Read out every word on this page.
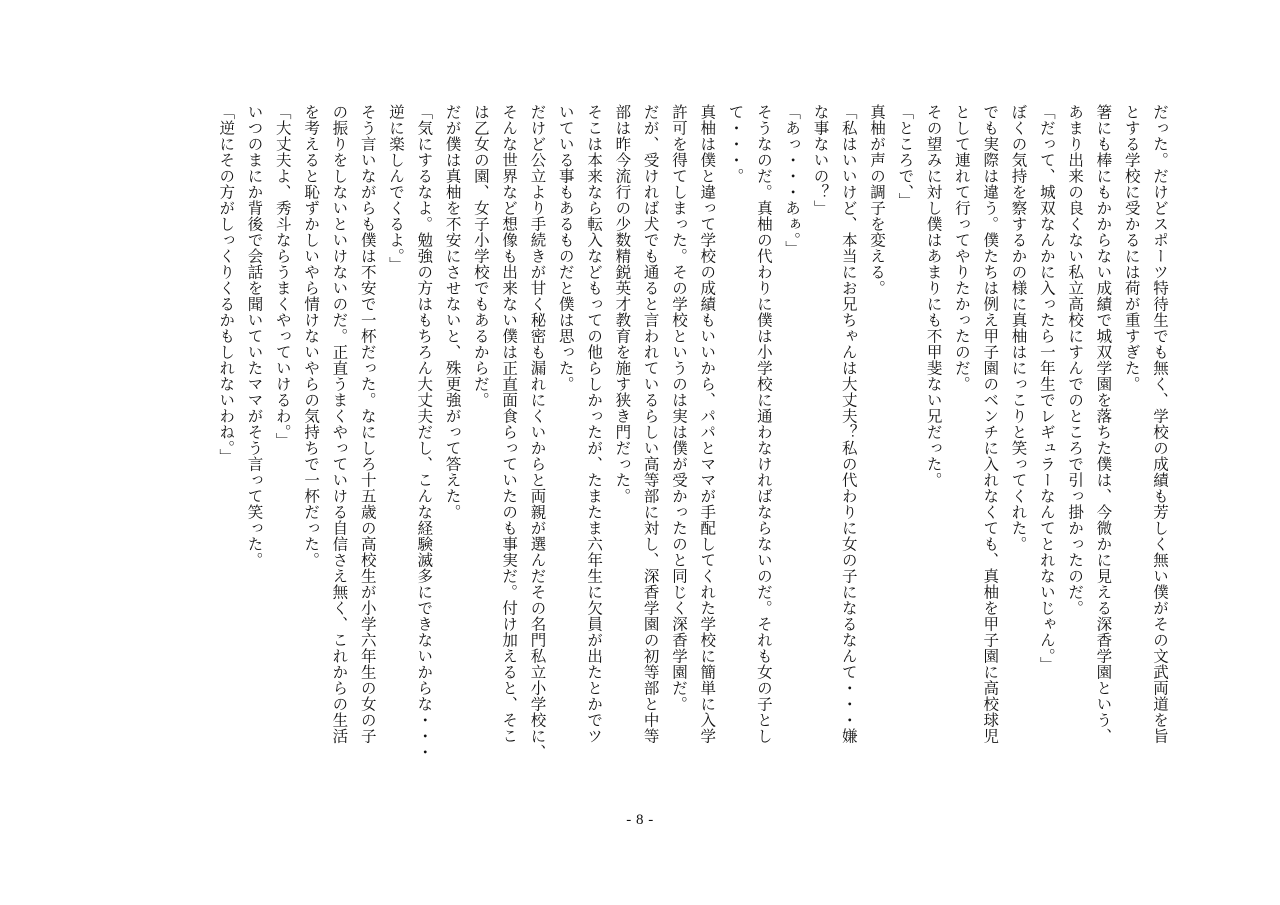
だった。だけどスポーツ特待生でも無く、学校の成績も芳しく無い僕がその文武両道を旨

とする学校に受かるには荷が重すぎた。

箸にも棒にもかからない成績で城双学園を落ちた僕は、今微かに見える深香学園という、

あまり出来の良くない私立高校にすんでのところで引っ掛かったのだ。

「だって、城双なんかに入ったら一年生でレギュラーなんてとれないじゃん。」

ぼくの気持を察するかの様に真柚はにっこりと笑ってくれた。

でも実際は違う。僕たちは例え甲子園のベンチに入れなくても、真柚を甲子園に高校球児

として連れて行ってやりたかったのだ。

その望みに対し僕はあまりにも不甲斐ない兄だった。

「ところで、」

真柚が声の調子を変える。

「私はいいけど、本当にお兄ちゃんは大丈夫？私の代わりに女の子になるなんて・・・嫌

な事ないの？」

「あっ・・・あぁ。」

そうなのだ。真柚の代わりに僕は小学校に通わなければならないのだ。それも女の子とし

て・・・。

真柚は僕と違って学校の成績もいいから、パパとママが手配してくれた学校に簡単に入学

許可を得てしまった。その学校というのは実は僕が受かったのと同じく深香学園だ。

だが、受ければ犬でも通ると言われているらしい高等部に対し、深香学園の初等部と中等

部は昨今流行の少数精鋭英才教育を施す狭き門だった。

そこは本来なら転入などもっての他らしかったが、たまたま六年生に欠員が出たとかでツ

いている事もあるものだと僕は思った。

だけど公立より手続きが甘く秘密も漏れにくいからと両親が選んだその名門私立小学校に、

そんな世界など想像も出来ない僕は正直面食らっていたのも事実だ。付け加えると、そこ

は乙女の園、女子小学校でもあるからだ。

だが僕は真柚を不安にさせないと、殊更強がって答えた。

「気にするなよ。勉強の方はもちろん大丈夫だし、こんな経験滅多にできないからな・・・

逆に楽しんでくるよ。」

そう言いながらも僕は不安で一杯だった。なにしろ十五歳の高校生が小学六年生の女の子

の振りをしないといけないのだ。正直うまくやっていける自信さえ無く、これからの生活

を考えると恥ずかしいやら情けないやらの気持ちで一杯だった。

「大丈夫よ、秀斗ならうまくやっていけるわ。」

いつのまにか背後で会話を聞いていたママがそう言って笑った。

「逆にその方がしっくりくるかもしれないわね。」

- 8 -
